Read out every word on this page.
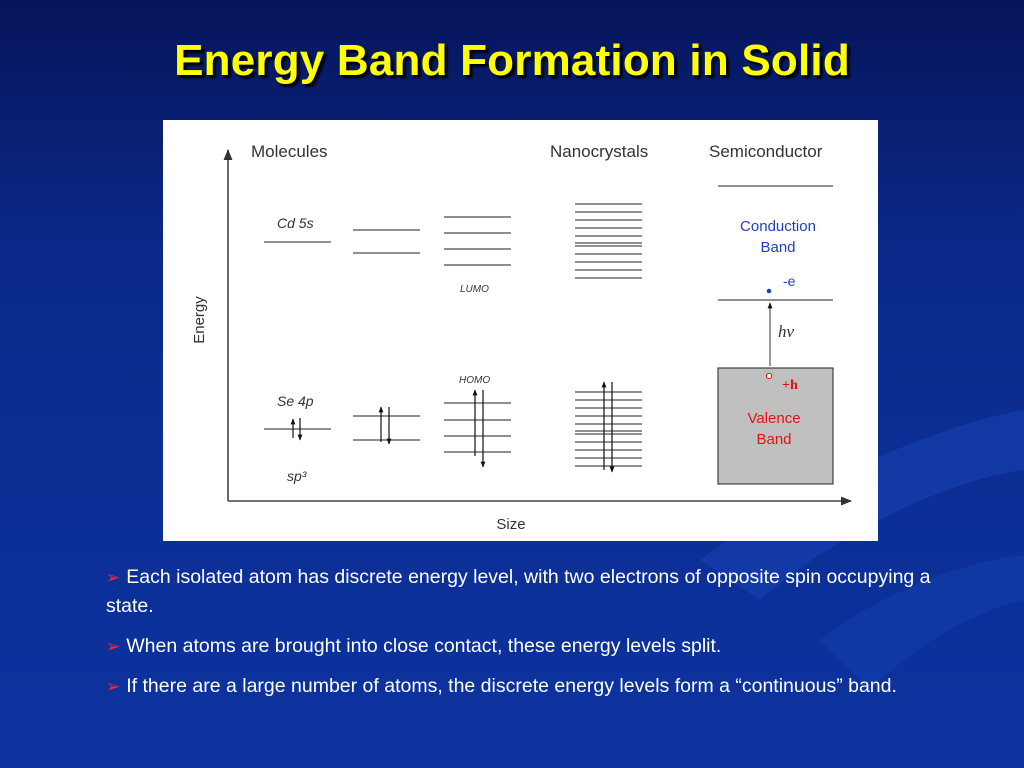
Energy Band Formation in Solid
Energy
Size
Molecules	Nanocrystals	Semiconductor
Cd 5s
LUMO
Se 4p
sp³
HOMO
Conduction
Band
-e
hν
+h
Valence
Band
➢ Each isolated atom has discrete energy level, with two electrons of opposite spin occupying a state.
➢ When atoms are brought into close contact, these energy levels split.
➢ If there are a large number of atoms, the discrete energy levels form a “continuous” band.
